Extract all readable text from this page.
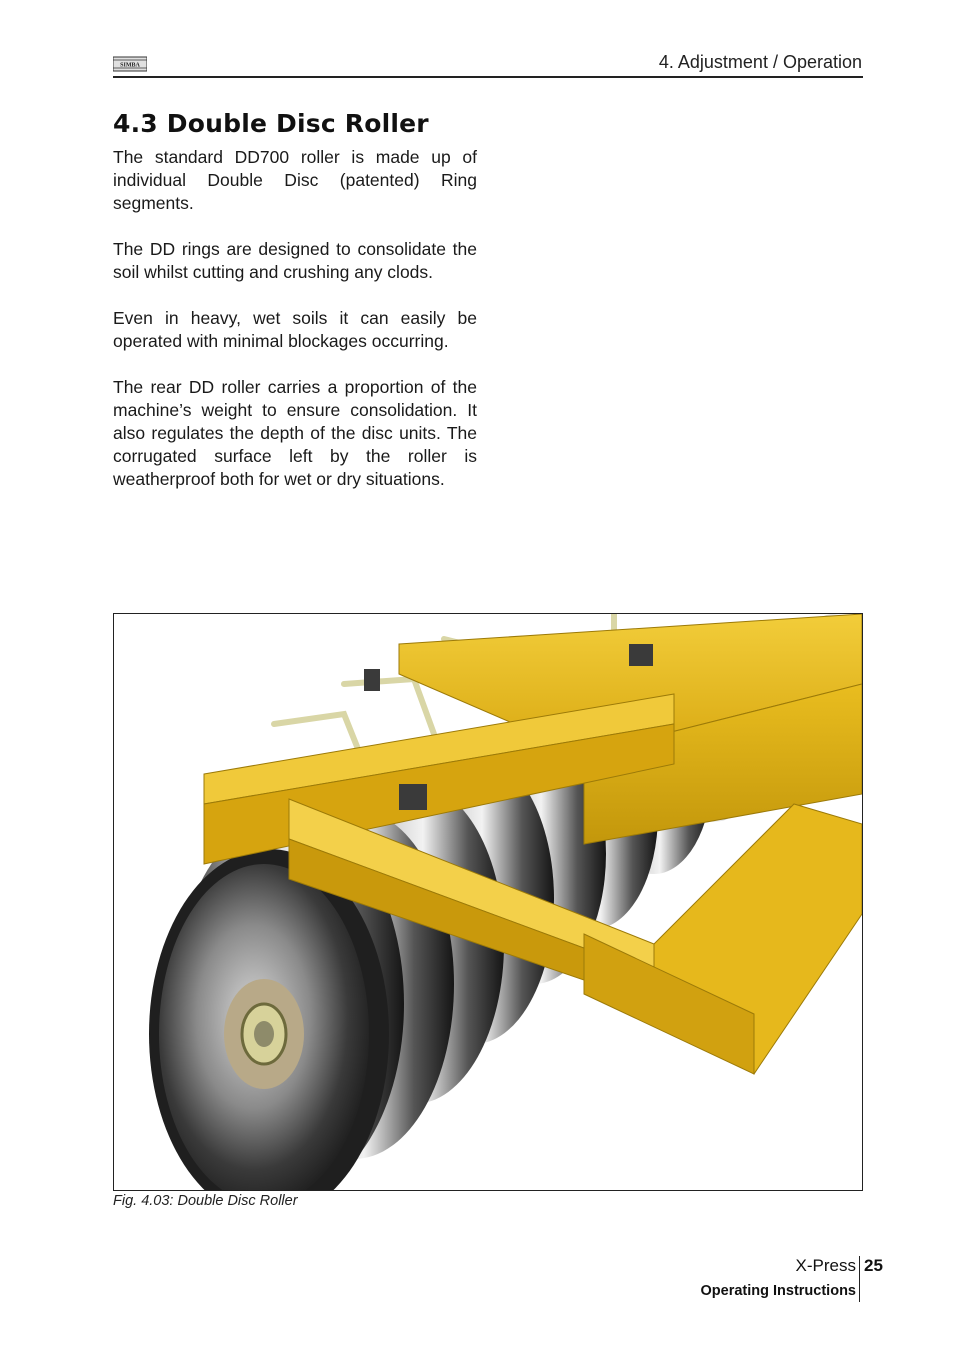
SIMBA	4. Adjustment / Operation
4.3 Double Disc Roller

The standard DD700 roller is made up of individual Double Disc (patented) Ring segments.

The DD rings are designed to consolidate the soil whilst cutting and crushing any clods.

Even in heavy, wet soils it can easily be operated with minimal blockages occurring.

The rear DD roller carries a proportion of the machine’s weight to ensure consolidation. It also regulates the depth of the disc units. The corrugated surface left by the roller is weatherproof both for wet or dry situations.

Fig. 4.03: Double Disc Roller
X-Press 25
Operating Instructions
